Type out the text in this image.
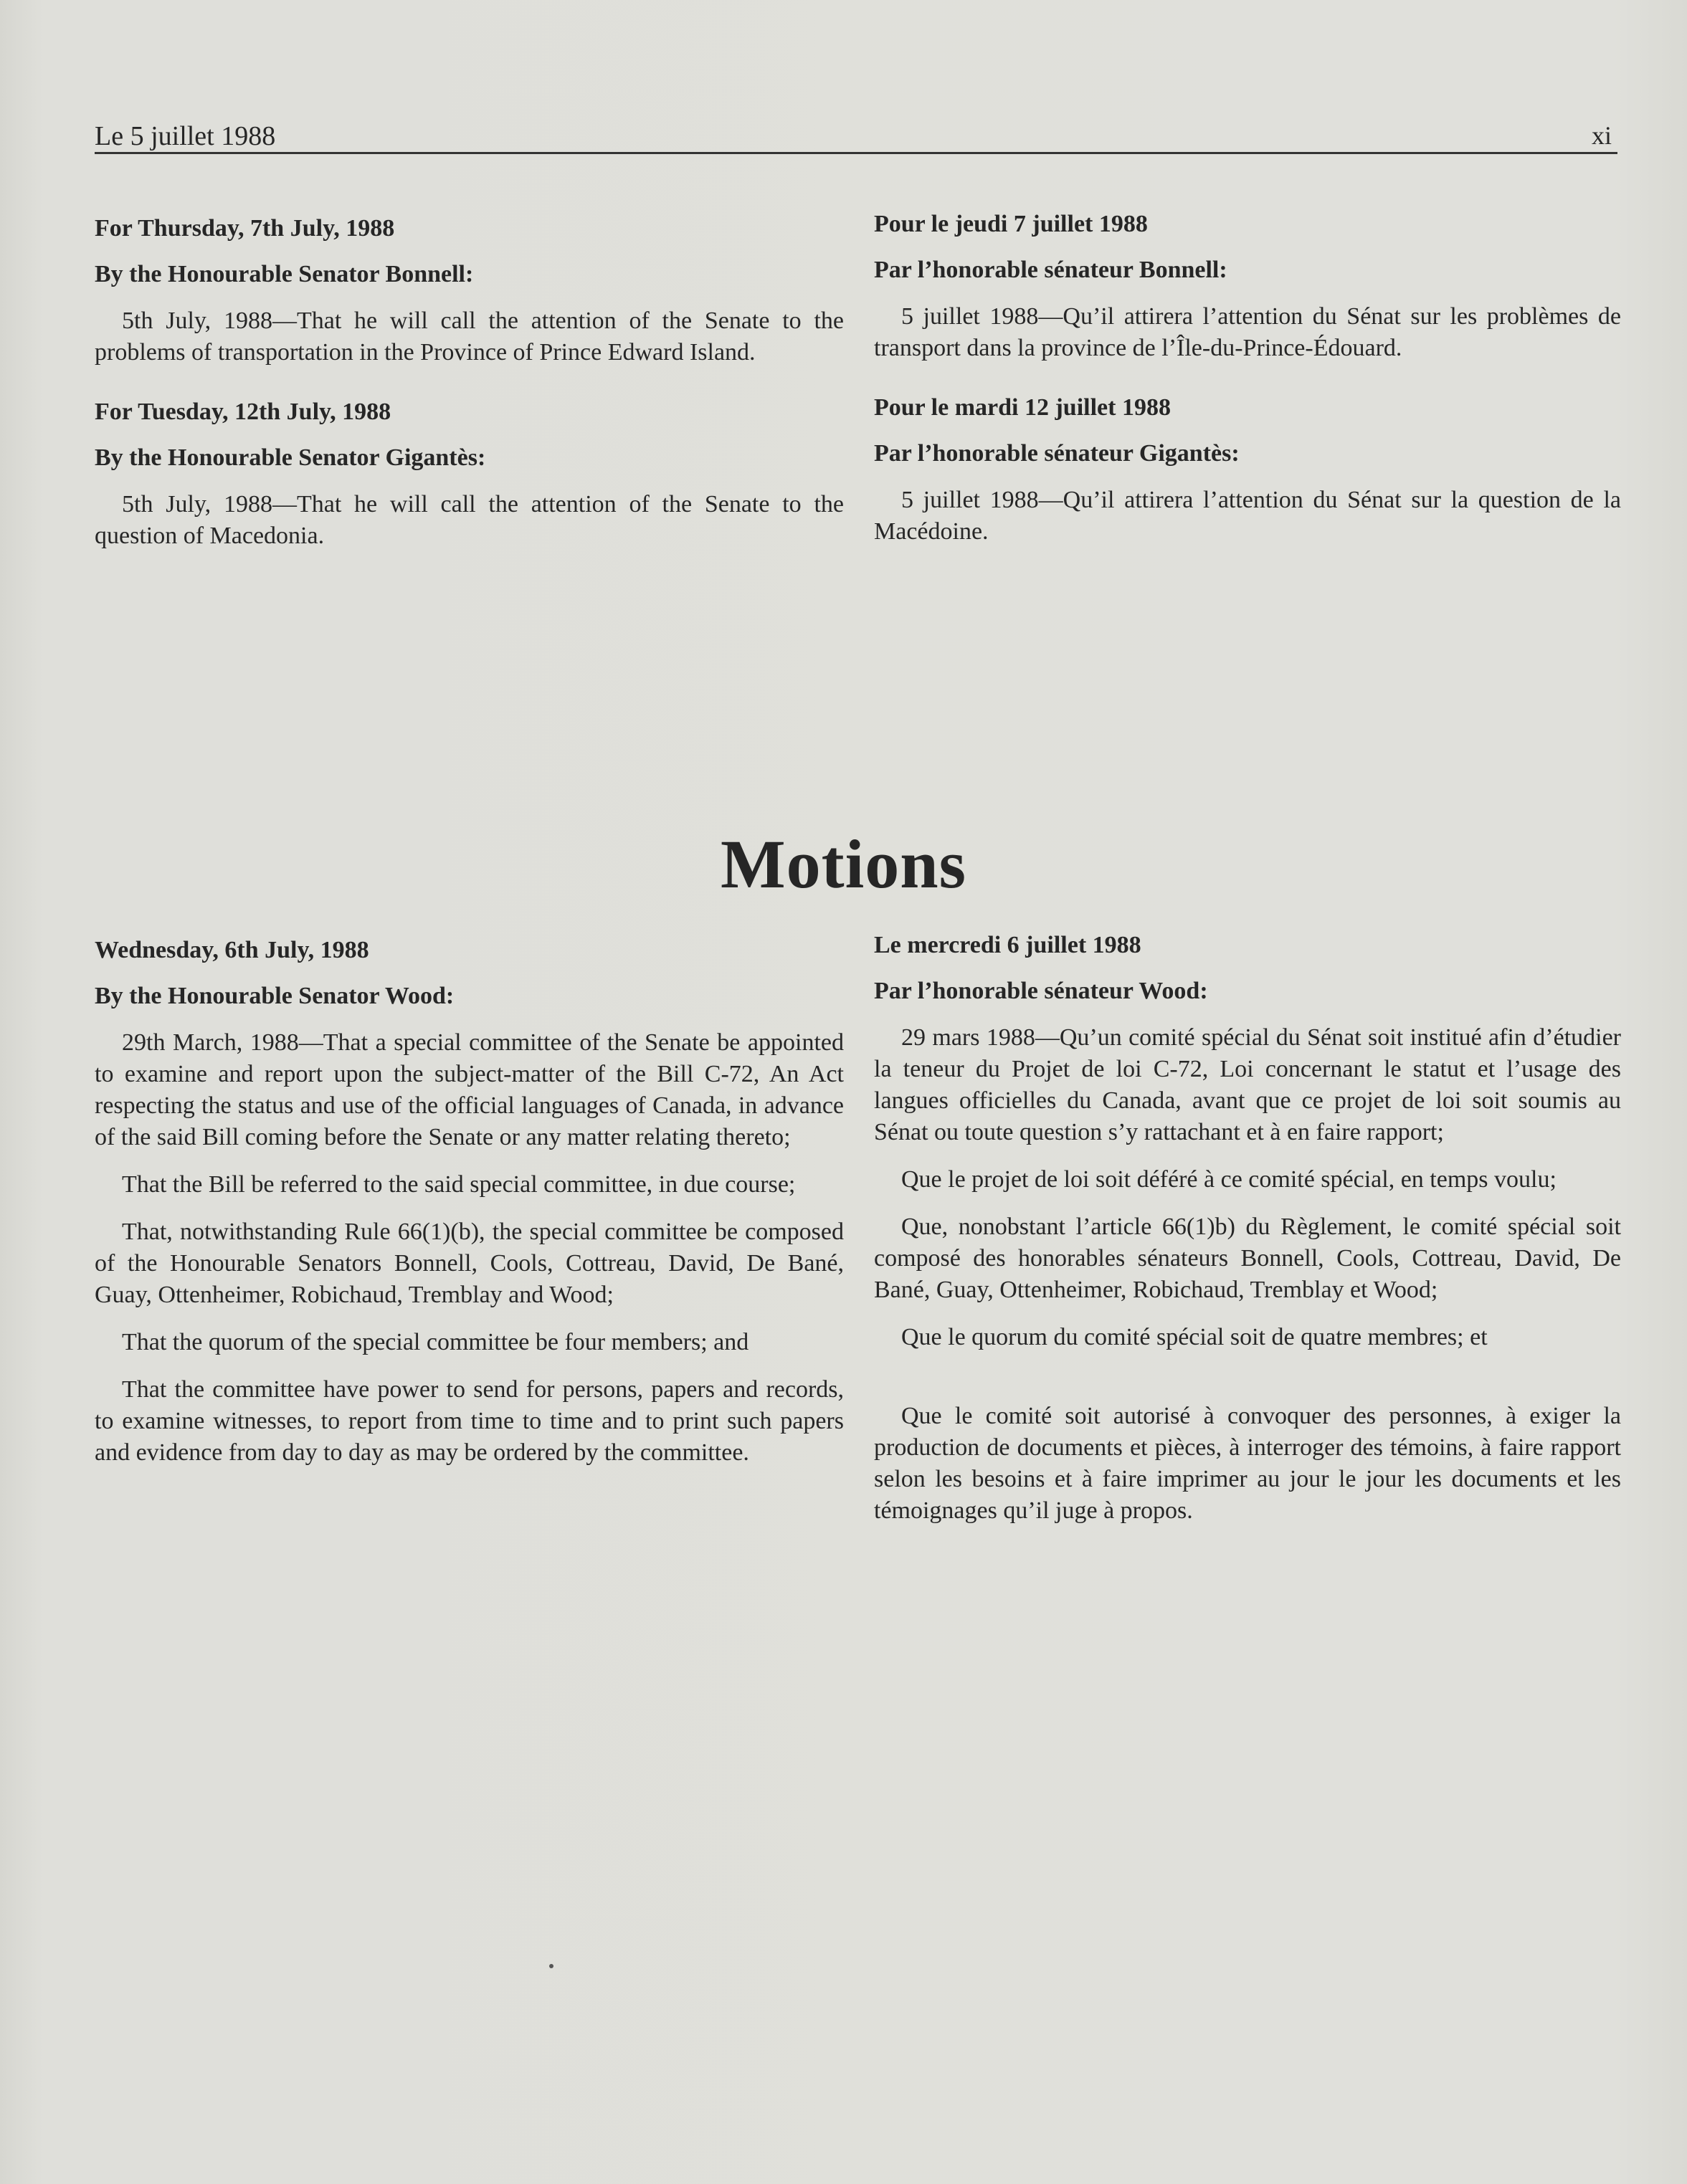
Le 5 juillet 1988	xi

For Thursday, 7th July, 1988

By the Honourable Senator Bonnell:

5th July, 1988—That he will call the attention of the Senate to the problems of transportation in the Province of Prince Edward Island.

For Tuesday, 12th July, 1988

By the Honourable Senator Gigantès:

5th July, 1988—That he will call the attention of the Senate to the question of Macedonia.

Pour le jeudi 7 juillet 1988

Par l’honorable sénateur Bonnell:

5 juillet 1988—Qu’il attirera l’attention du Sénat sur les problèmes de transport dans la province de l’Île-du-Prince-Édouard.

Pour le mardi 12 juillet 1988

Par l’honorable sénateur Gigantès:

5 juillet 1988—Qu’il attirera l’attention du Sénat sur la question de la Macédoine.

Motions

Wednesday, 6th July, 1988

By the Honourable Senator Wood:

29th March, 1988—That a special committee of the Senate be appointed to examine and report upon the subject-matter of the Bill C-72, An Act respecting the status and use of the official languages of Canada, in advance of the said Bill coming before the Senate or any matter relating thereto;

That the Bill be referred to the said special committee, in due course;

That, notwithstanding Rule 66(1)(b), the special committee be composed of the Honourable Senators Bonnell, Cools, Cottreau, David, De Bané, Guay, Ottenheimer, Robichaud, Tremblay and Wood;

That the quorum of the special committee be four members; and

That the committee have power to send for persons, papers and records, to examine witnesses, to report from time to time and to print such papers and evidence from day to day as may be ordered by the committee.

Le mercredi 6 juillet 1988

Par l’honorable sénateur Wood:

29 mars 1988—Qu’un comité spécial du Sénat soit institué afin d’étudier la teneur du Projet de loi C-72, Loi concernant le statut et l’usage des langues officielles du Canada, avant que ce projet de loi soit soumis au Sénat ou toute question s’y rattachant et à en faire rapport;

Que le projet de loi soit déféré à ce comité spécial, en temps voulu;

Que, nonobstant l’article 66(1)b) du Règlement, le comité spécial soit composé des honorables sénateurs Bonnell, Cools, Cottreau, David, De Bané, Guay, Ottenheimer, Robichaud, Tremblay et Wood;

Que le quorum du comité spécial soit de quatre membres; et

Que le comité soit autorisé à convoquer des personnes, à exiger la production de documents et pièces, à interroger des témoins, à faire rapport selon les besoins et à faire imprimer au jour le jour les documents et les témoignages qu’il juge à propos.
